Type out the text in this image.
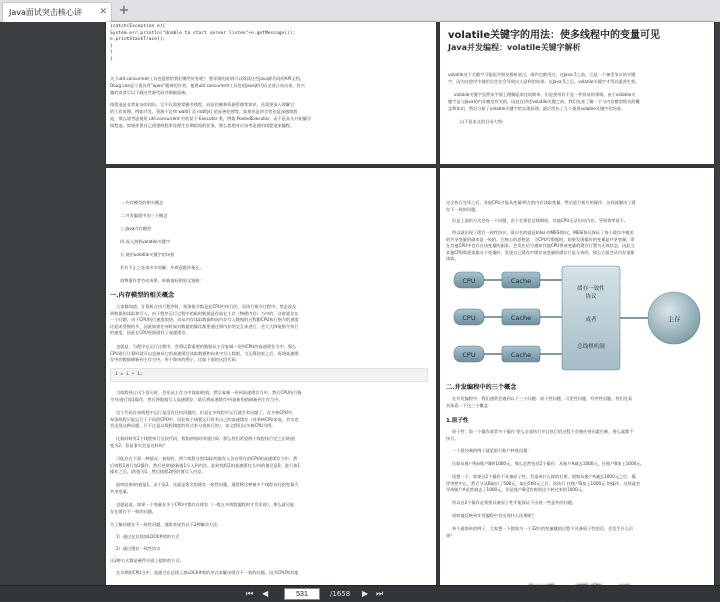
Java面试突击核心讲 ✕ +
}catch(Exception e){
System.err.println("Unable to start server listen"+e.getMessage());
e.printStackTrace();
}
}
}
关于util.concurrent工具包提供给我们哪些好处呢？ 要详细的说明可以阅读这些java源代码的API文档。
Doug Lea是个很具有"open"精神的作者，他将util.concurrent工具包的java源代码全部公布出来，有兴
趣的读者可以下载这些源代码并细细品味。
线程池是非常复杂的知识，它不仅需要掌握多线程、同步控制和资源管理等知识，还需要深入理解它
的工作原理，例如并发、资源不足和 wait() 及 notify() 的妥善处理等。如果你是初学者还是深感线程
池，那么请考虑使用 util.concurrent 中的某个 Executor 类，例如 PooledExecutor。而不是从头开始编写
线程池。如果你要自己创建线程来处理生存期较短的任务，那么您绝对应该考虑使用线程池来编程。
volatile关键字的用法：使多线程中的变量可见
Java并发编程：volatile关键字解析
volatile这个关键字可能很多朋友都听说过，或许也都用过。在Java 5之前，它是一个备受争议的关键
字，因为在程序中使用它往往会导致出人意料的结果。在Java 5之后，volatile关键字才得以重获生机。
volatile关键字虽然从字面上理解起来比较简单，但是要用好不是一件容易的事情。由于volatile关
键字是与Java的内存模型有关的，因此在讲述volatile关键之前，我们先来了解一下与内存模型相关的概
念和知识，然后分析了volatile关键字的实现原理，最后给出了几个使用volatile关键字的场景。
以下是本文的目录大纲：
一.内存模型的相关概念
二.并发编程中的三个概念
三.Java内存模型
四.深入剖析volatile关键字
五.使用volatile关键字的场景
若有不正之处请多多谅解，并欢迎批评指正。
请尊重作者劳动成果，转载请标明原文链接：
一.内存模型的相关概念
大家都知道，计算机在执行程序时，每条指令都是在CPU中执行的，而执行指令过程中，势必涉及
到数据的读取和写入。由于程序运行过程中的临时数据是存放在主存（物理内存）当中的，这时就存在
一个问题，由于CPU执行速度很快，而从内存读取数据和向内存写入数据的过程跟CPU执行指令的速度
比起来要慢的多，因此如果任何时候对数据的操作都要通过和内存的交互来进行，会大大降低指令执行
的速度。因此在CPU里面就有了高速缓存。
也就是，当程序在运行过程中，会将运算需要的数据从主存复制一份到CPU的高速缓存当中，那么
CPU进行计算时就可以直接从它的高速缓存读取数据和向其中写入数据，当运算结束之后，再将高速缓
存中的数据刷新到主存当中。举个简单的例子，比如下面的这段代码：
i = i + 1;
当线程执行这个语句时，会先从主存当中读取i的值，然后复制一份到高速缓存当中，然后CPU执行指
令对i进行加1操作，然后将数据写入高速缓存，最后将高速缓存中i最新的值刷新到主存当中。
这个代码在单线程中运行是没有任何问题的，但是在多线程中运行就会有问题了。在多核CPU中，
每条线程可能运行于不同的CPU中，因此每个线程运行时有自己的高速缓存（对单核CPU来说，其实也
会出现这种问题，只不过是以线程调度的形式来分别执行的）。本文我们以多核CPU为例。
比如同时有2个线程执行这段代码，假如初始时i的值为0，那么我们希望两个线程执行完之后i的值
变为2。但是事实会是这样吗？
可能存在下面一种情况：初始时，两个线程分别读取i的值存入各自所在的CPU的高速缓存当中，然
后线程1进行加1操作，然后把i的最新值1写入到内存。此时线程2的高速缓存当中i的值还是0，进行加1
操作之后，i的值为1，然后线程2把i的值写入内存。
最终结果i的值是1，而不是2。这就是著名的缓存一致性问题。通常称这种被多个线程访问的变量为
共享变量。
也就是说，如果一个变量在多个CPU中都存在缓存（一般在多线程编程时才会出现），那么就可能
存在缓存不一致的问题。
为了解决缓存不一致性问题，通常来说有以下2种解决方法：
1）通过在总线加LOCK#锁的方式
2）通过缓存一致性协议
这2种方式都是硬件层面上提供的方式。
在早期的CPU当中，是通过在总线上加LOCK#锁的形式来解决缓存不一致的问题。因为CPU和其他
完全执行完毕之后，其他CPU才能从变量i所在的内存读取变量，然后进行相应的操作。这样就解决了缓
存不一致的问题。
但是上面的方式会有一个问题，由于在锁住总线期间，其他CPU无法访问内存，导致效率低下。
所以就出现了缓存一致性协议。最出名的就是Intel 的MESI协议，MESI协议保证了每个缓存中使用
的共享变量的副本是一致的。它核心的思想是：当CPU写数据时，如果发现操作的变量是共享变量，即
在其他CPU中也存在该变量的副本，会发出信号通知其他CPU将该变量的缓存行置为无效状态，因此当
其他CPU需要读取这个变量时，发现自己缓存中缓存该变量的缓存行是无效的，那么它就会从内存重新
读取。
CPU	Cache
CPU	Cache
CPU	Cache
缓存一致性
协议
或者
总线棋机制
主存
二.并发编程中的三个概念
在并发编程中，我们通常会遇到以下三个问题：原子性问题，可见性问题，有序性问题。我们先看
具体看一下这三个概念：
1.原子性
原子性：即一个操作或者多个操作 要么全部执行并且执行的过程不会被任何因素打断，要么就都不
执行。
一个很经典的例子就是银行账户转账问题：
比如从账户A向账户B转1000元，那么必然包括2个操作：从账户A减去1000元，往账户B加上1000元。
试想一下，如果这2个操作不具备原子性，会造成什么样的后果。假如从账户A减去1000元之后，操
作突然中止。然后又从B取出了500元，取出500元之后，再执行 往账户B加上1000元 的操作。这样就会
导致账户A虽然减去了1000元，但是账户B没有收到这个转过来的1000元。
所以这2个操作必须要具备原子性才能保证不出现一些意外的问题。
同样地反映到并发编程中会出现什么结果呢？
举个最简单的例子，大家想一下假如为一个32位的变量赋值过程不具备原子性的话，会发生什么后
果？
⏮ ◀
531	/1658 ▶ ⏭
